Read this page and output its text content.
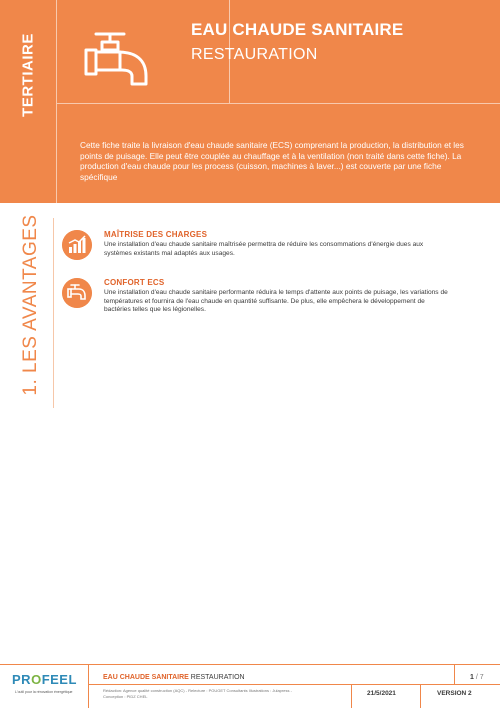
TERTIAIRE
EAU CHAUDE SANITAIRE
RESTAURATION
Cette fiche traite la livraison d'eau chaude sanitaire (ECS) comprenant la production, la distribution et les points de puisage. Elle peut être couplée au chauffage et à la ventilation (non traité dans cette fiche). La production d'eau chaude pour les process (cuisson, machines à laver...) est couverte par une fiche spécifique
1. LES AVANTAGES	MAÎTRISE DES CHARGES
Une installation d'eau chaude sanitaire maîtrisée permettra de réduire les consommations d'énergie dues aux systèmes existants mal adaptés aux usages.
CONFORT ECS
Une installation d'eau chaude sanitaire performante réduira le temps d'attente aux points de puisage, les variations de températures et fournira de l'eau chaude en quantité suffisante. De plus, elle empêchera le développement de bactéries telles que les légionelles.
PROFEEL
L'outil pour la rénovation énergétique
EAU CHAUDE SANITAIRE RESTAURATION
Rédaction: Agence qualité construction (AQC) - Relecture : POUGET Consultants Illustrations : Julapress - Conception : PIDZ CHEL	21/5/2021	VERSION 2
1 / 7
